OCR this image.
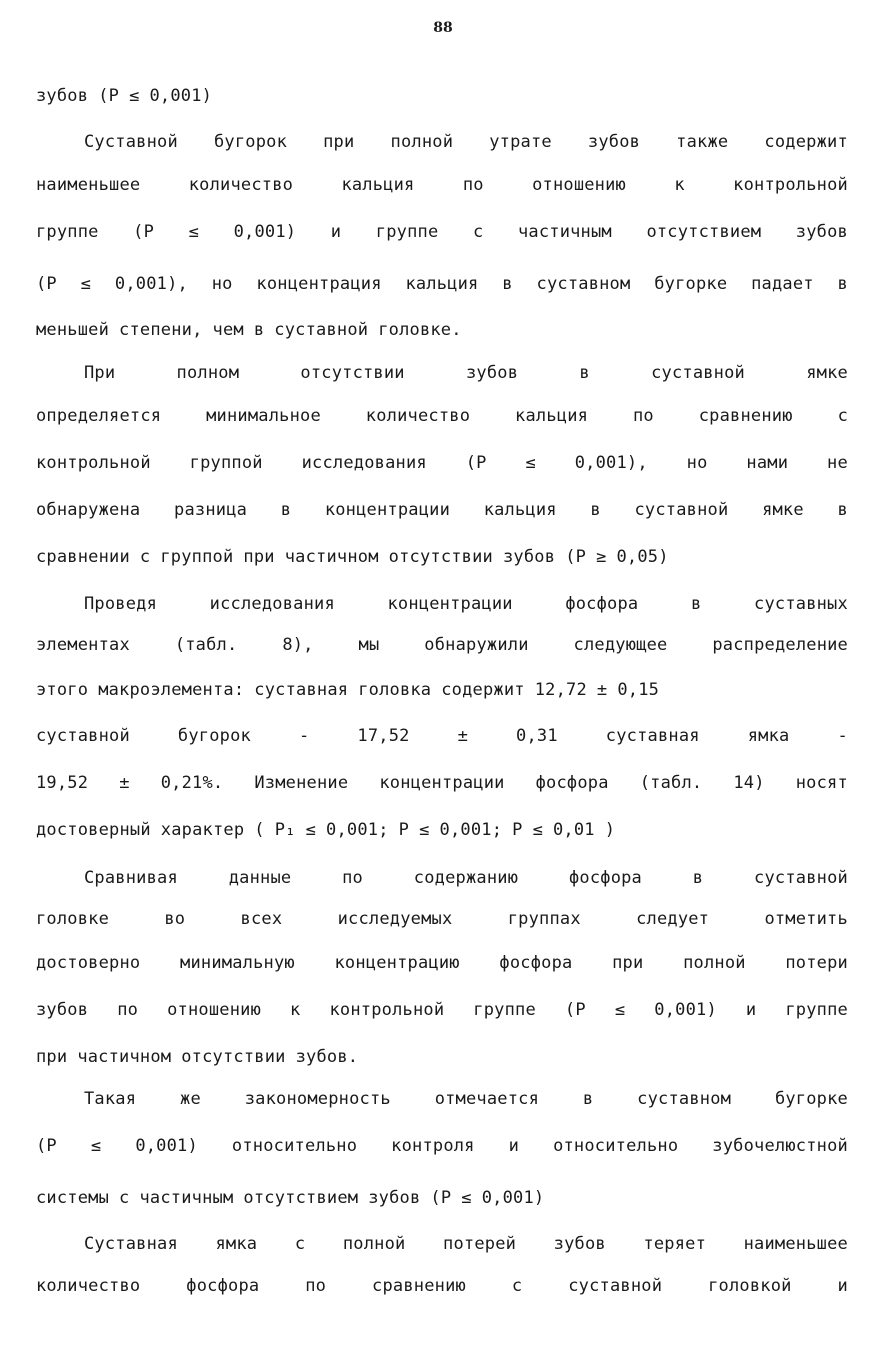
88
зубов (Р ≤ 0,001)
Суставной бугорок при полной утрате зубов также содержит
наименьшее	количество	кальция	по	отношению	к	контрольной
группе (Р ≤ 0,001) и группе с частичным отсутствием зубов
(Р ≤ 0,001), но концентрация кальция в суставном бугорке падает в
меньшей степени, чем в суставной головке.
При	полном	отсутствии	зубов	в	суставной	ямке
определяется	минимальное	количество	кальция	по	сравнению	с
контрольной группой исследования (Р ≤ 0,001), но нами не
обнаружена разница в концентрации кальция в суставной ямке в
сравнении с группой при частичном отсутствии зубов (Р ≥ 0,05)
Проведя	исследования	концентрации	фосфора	в	суставных
элементах	(табл.	8),	мы	обнаружили	следующее	распределение
этого макроэлемента: суставная головка содержит 12,72 ± 0,15
суставной	бугорок	-	17,52	±	0,31	суставная	ямка	-
19,52 ± 0,21%. Изменение концентрации фосфора (табл. 14) носят
достоверный характер ( Р₁ ≤ 0,001; Р ≤ 0,001; Р ≤ 0,01 )
Сравнивая	данные	по	содержанию	фосфора	в	суставной
головке	во	всех	исследуемых	группах	следует	отметить
достоверно минимальную концентрацию фосфора при полной потери
зубов по отношению к контрольной группе (Р ≤ 0,001) и группе
при частичном отсутствии зубов.
Такая	же	закономерность	отмечается	в	суставном	бугорке
(Р ≤ 0,001) относительно контроля и относительно зубочелюстной
системы с частичным отсутствием зубов (Р ≤ 0,001)
Суставная ямка с полной потерей зубов теряет наименьшее
количество	фосфора	по	сравнению	с	суставной	головкой	и
